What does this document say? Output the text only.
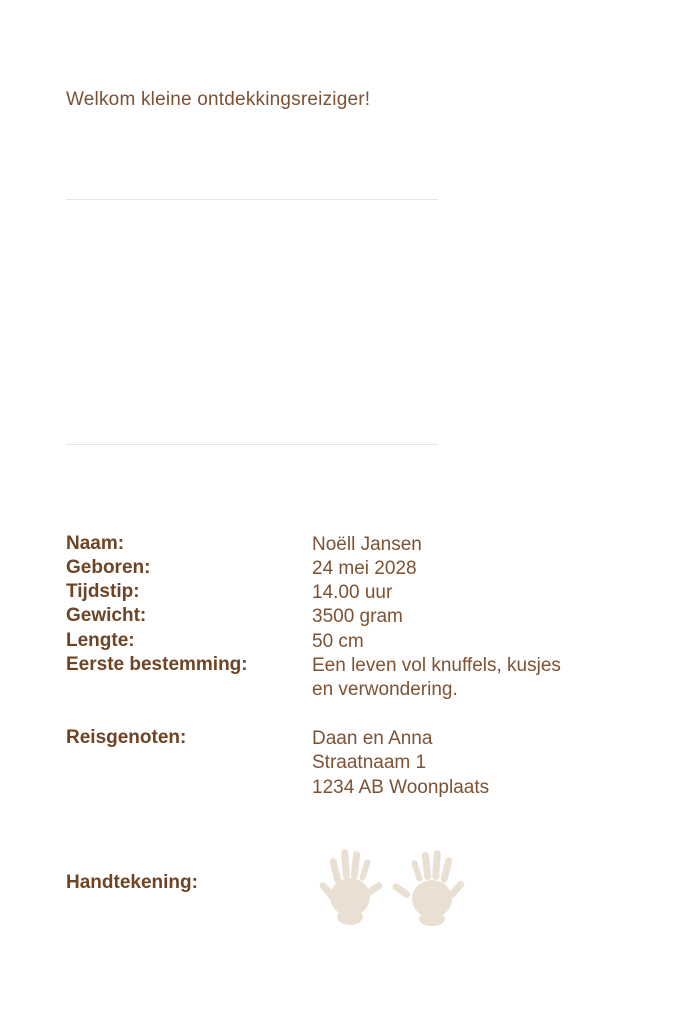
Welkom kleine ontdekkingsreiziger!
Naam:
Geboren:
Tijdstip:
Gewicht:
Lengte:
Eerste bestemming:
Noëll Jansen
24 mei 2028
14.00 uur
3500 gram
50 cm
Een leven vol knuffels, kusjes
en verwondering.
Reisgenoten:	Daan en Anna
Straatnaam 1
1234 AB Woonplaats
Handtekening:
